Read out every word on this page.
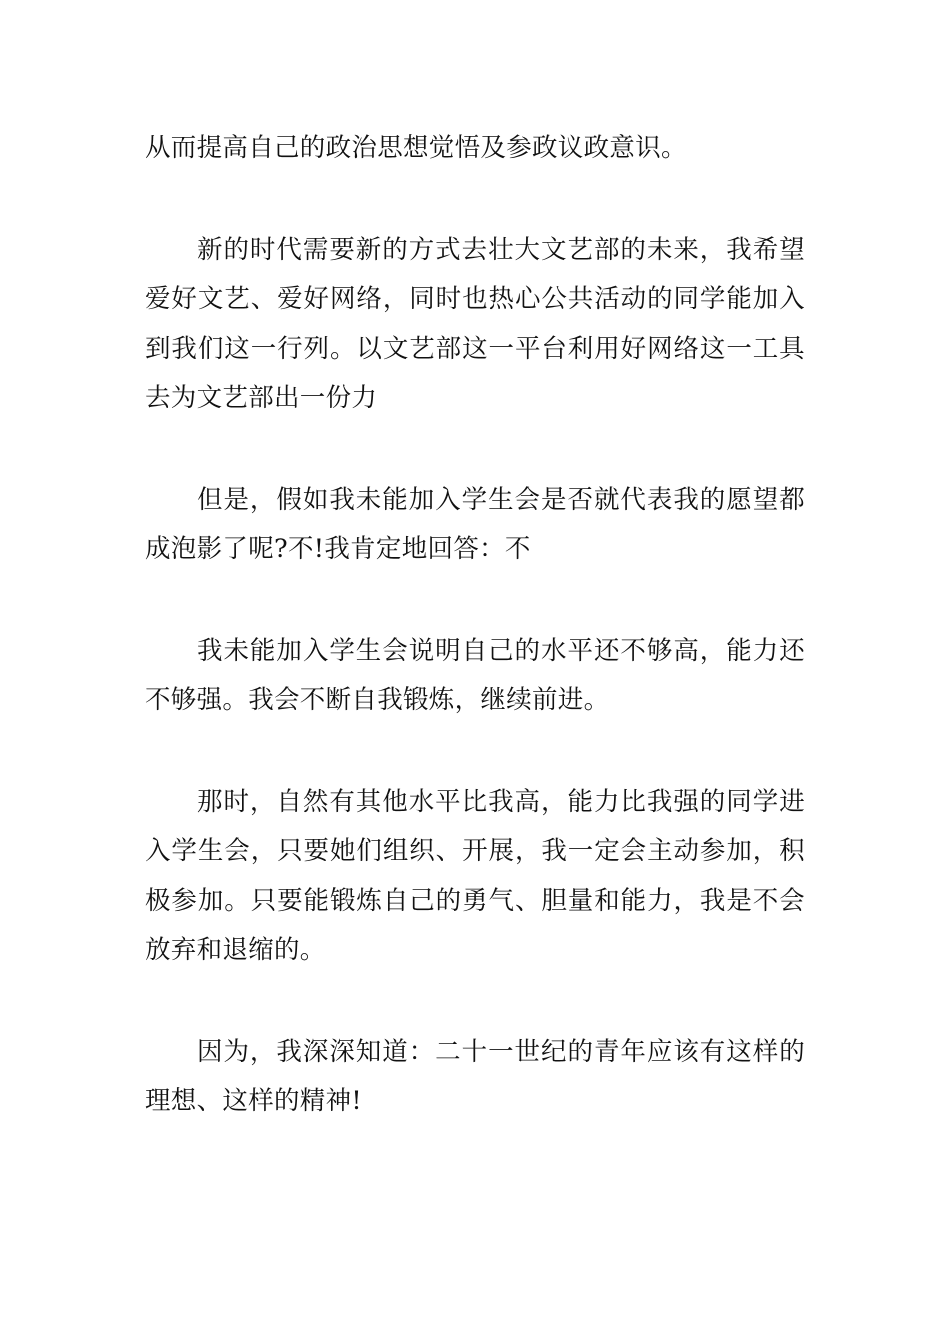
从而提高自己的政治思想觉悟及参政议政意识。

新的时代需要新的方式去壮大文艺部的未来，我希望爱好文艺、爱好网络，同时也热心公共活动的同学能加入到我们这一行列。以文艺部这一平台利用好网络这一工具去为文艺部出一份力

但是，假如我未能加入学生会是否就代表我的愿望都成泡影了呢?不!我肯定地回答：不

我未能加入学生会说明自己的水平还不够高，能力还不够强。我会不断自我锻炼，继续前进。

那时，自然有其他水平比我高，能力比我强的同学进入学生会，只要她们组织、开展，我一定会主动参加，积极参加。只要能锻炼自己的勇气、胆量和能力，我是不会放弃和退缩的。

因为，我深深知道：二十一世纪的青年应该有这样的理想、这样的精神!
